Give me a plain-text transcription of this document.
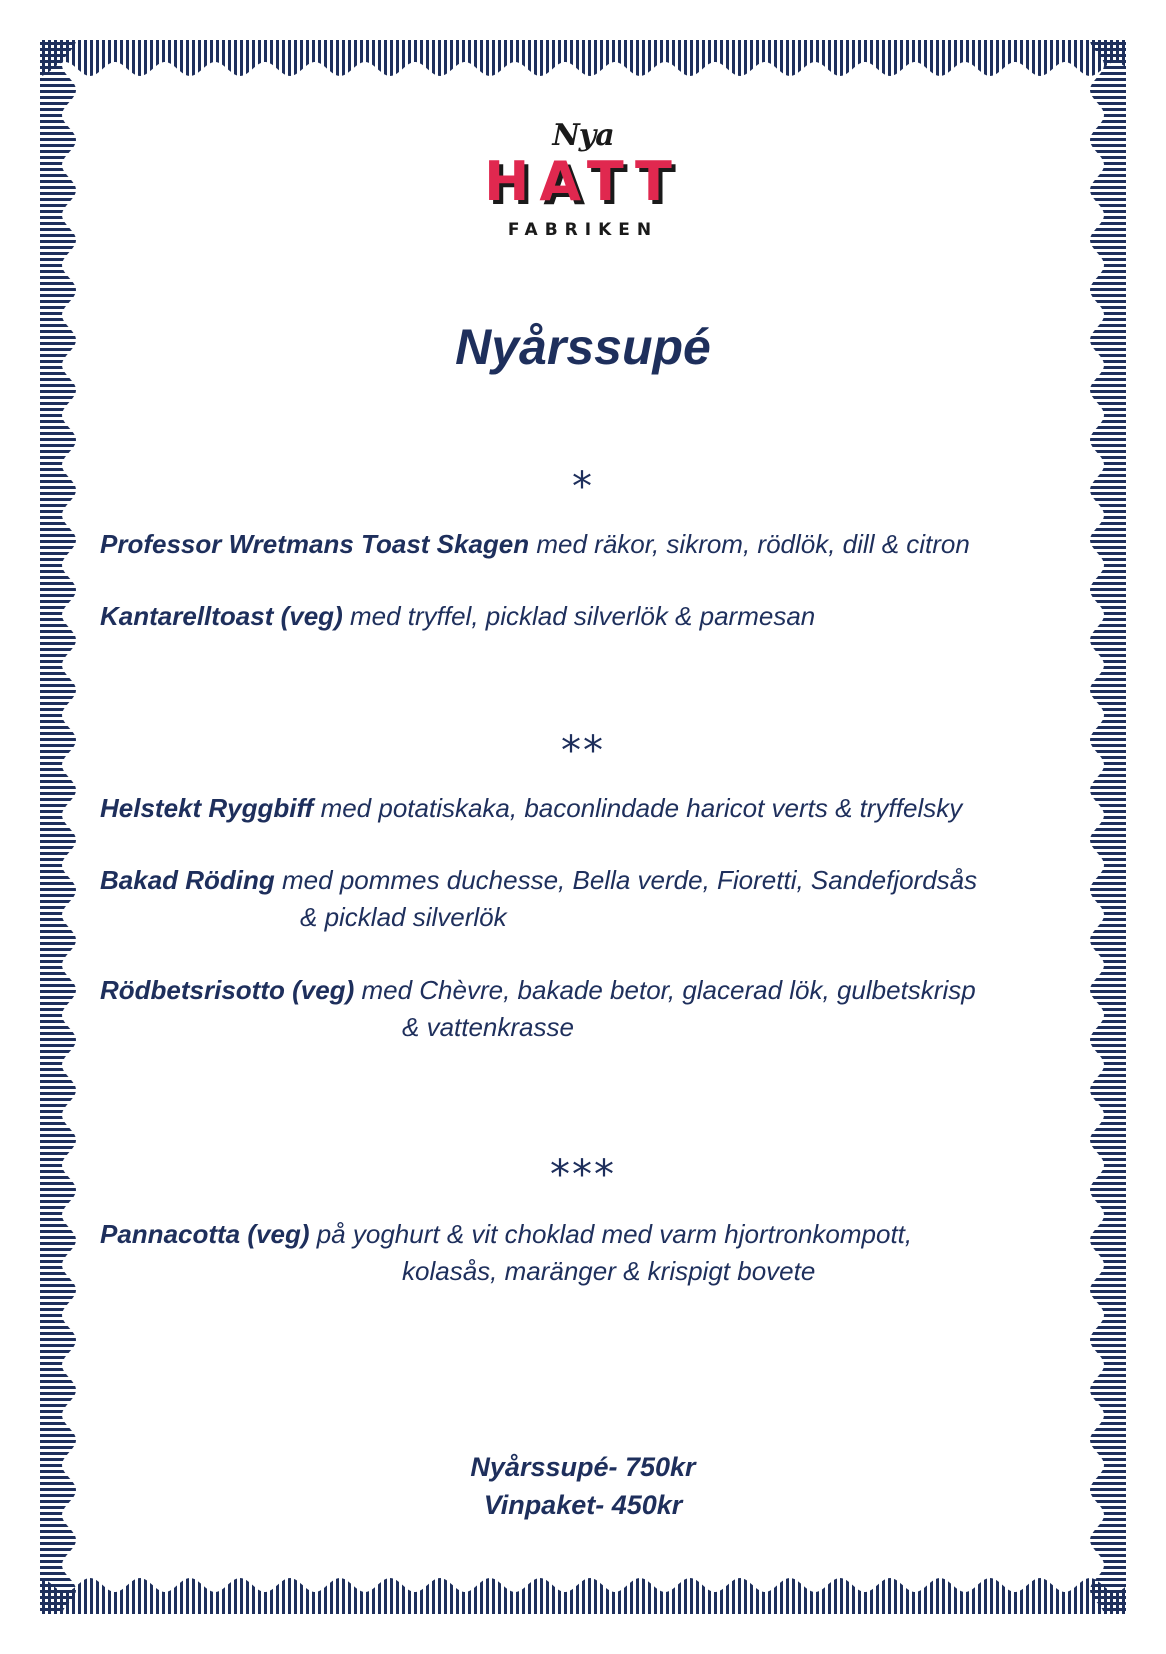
Nya
HATT
FABRIKEN
Nyårssupé
*
Professor Wretmans Toast Skagen med räkor, sikrom, rödlök, dill & citron
Kantarelltoast (veg) med tryffel, picklad silverlök & parmesan
**
Helstekt Ryggbiff med potatiskaka, baconlindade haricot verts & tryffelsky
Bakad Röding med pommes duchesse, Bella verde, Fioretti, Sandefjordsås
& picklad silverlök
Rödbetsrisotto (veg) med Chèvre, bakade betor, glacerad lök, gulbetskrisp
& vattenkrasse
***
Pannacotta (veg) på yoghurt & vit choklad med varm hjortronkompott,
kolasås, maränger & krispigt bovete
Nyårssupé- 750kr
Vinpaket- 450kr
